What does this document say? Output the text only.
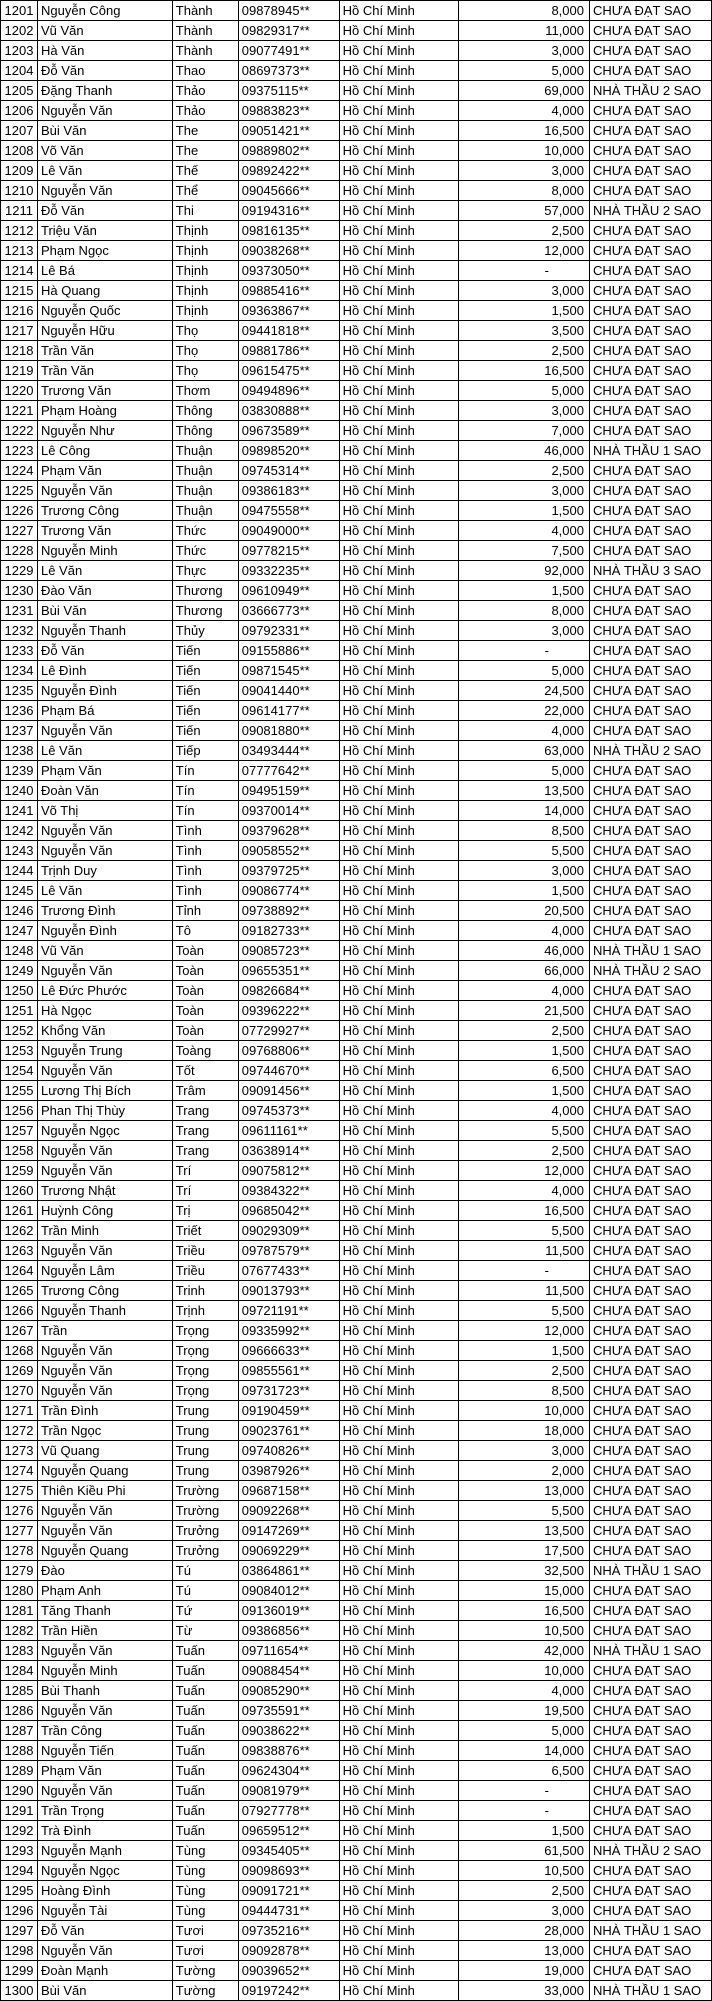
1201	Nguyễn Công	Thành	09878945**	Hồ Chí Minh	8,000	CHƯA ĐẠT SAO
1202	Vũ Văn	Thành	09829317**	Hồ Chí Minh	11,000	CHƯA ĐẠT SAO
1203	Hà Văn	Thành	09077491**	Hồ Chí Minh	3,000	CHƯA ĐẠT SAO
1204	Đỗ Văn	Thao	08697373**	Hồ Chí Minh	5,000	CHƯA ĐẠT SAO
1205	Đặng Thanh	Thảo	09375115**	Hồ Chí Minh	69,000	NHÀ THẦU 2 SAO
1206	Nguyễn Văn	Thảo	09883823**	Hồ Chí Minh	4,000	CHƯA ĐẠT SAO
1207	Bùi Văn	The	09051421**	Hồ Chí Minh	16,500	CHƯA ĐẠT SAO
1208	Võ Văn	The	09889802**	Hồ Chí Minh	10,000	CHƯA ĐẠT SAO
1209	Lê Văn	Thế	09892422**	Hồ Chí Minh	3,000	CHƯA ĐẠT SAO
1210	Nguyễn Văn	Thể	09045666**	Hồ Chí Minh	8,000	CHƯA ĐẠT SAO
1211	Đỗ Văn	Thi	09194316**	Hồ Chí Minh	57,000	NHÀ THẦU 2 SAO
1212	Triệu Văn	Thịnh	09816135**	Hồ Chí Minh	2,500	CHƯA ĐẠT SAO
1213	Phạm Ngọc	Thịnh	09038268**	Hồ Chí Minh	12,000	CHƯA ĐẠT SAO
1214	Lê Bá	Thịnh	09373050**	Hồ Chí Minh	-	CHƯA ĐẠT SAO
1215	Hà Quang	Thịnh	09885416**	Hồ Chí Minh	3,000	CHƯA ĐẠT SAO
1216	Nguyễn Quốc	Thịnh	09363867**	Hồ Chí Minh	1,500	CHƯA ĐẠT SAO
1217	Nguyễn Hữu	Thọ	09441818**	Hồ Chí Minh	3,500	CHƯA ĐẠT SAO
1218	Trần Văn	Thọ	09881786**	Hồ Chí Minh	2,500	CHƯA ĐẠT SAO
1219	Trần Văn	Thọ	09615475**	Hồ Chí Minh	16,500	CHƯA ĐẠT SAO
1220	Trương Văn	Thơm	09494896**	Hồ Chí Minh	5,000	CHƯA ĐẠT SAO
1221	Phạm Hoàng	Thông	03830888**	Hồ Chí Minh	3,000	CHƯA ĐẠT SAO
1222	Nguyễn Như	Thông	09673589**	Hồ Chí Minh	7,000	CHƯA ĐẠT SAO
1223	Lê Công	Thuận	09898520**	Hồ Chí Minh	46,000	NHÀ THẦU 1 SAO
1224	Phạm Văn	Thuận	09745314**	Hồ Chí Minh	2,500	CHƯA ĐẠT SAO
1225	Nguyễn Văn	Thuận	09386183**	Hồ Chí Minh	3,000	CHƯA ĐẠT SAO
1226	Trương Công	Thuận	09475558**	Hồ Chí Minh	1,500	CHƯA ĐẠT SAO
1227	Trương Văn	Thức	09049000**	Hồ Chí Minh	4,000	CHƯA ĐẠT SAO
1228	Nguyễn Minh	Thức	09778215**	Hồ Chí Minh	7,500	CHƯA ĐẠT SAO
1229	Lê Văn	Thực	09332235**	Hồ Chí Minh	92,000	NHÀ THẦU 3 SAO
1230	Đào Văn	Thương	09610949**	Hồ Chí Minh	1,500	CHƯA ĐẠT SAO
1231	Bùi Văn	Thương	03666773**	Hồ Chí Minh	8,000	CHƯA ĐẠT SAO
1232	Nguyễn Thanh	Thủy	09792331**	Hồ Chí Minh	3,000	CHƯA ĐẠT SAO
1233	Đỗ Văn	Tiến	09155886**	Hồ Chí Minh	-	CHƯA ĐẠT SAO
1234	Lê Đình	Tiến	09871545**	Hồ Chí Minh	5,000	CHƯA ĐẠT SAO
1235	Nguyễn Đình	Tiến	09041440**	Hồ Chí Minh	24,500	CHƯA ĐẠT SAO
1236	Phạm Bá	Tiến	09614177**	Hồ Chí Minh	22,000	CHƯA ĐẠT SAO
1237	Nguyễn Văn	Tiến	09081880**	Hồ Chí Minh	4,000	CHƯA ĐẠT SAO
1238	Lê Văn	Tiếp	03493444**	Hồ Chí Minh	63,000	NHÀ THẦU 2 SAO
1239	Phạm Văn	Tín	07777642**	Hồ Chí Minh	5,000	CHƯA ĐẠT SAO
1240	Đoàn Văn	Tín	09495159**	Hồ Chí Minh	13,500	CHƯA ĐẠT SAO
1241	Võ Thị	Tín	09370014**	Hồ Chí Minh	14,000	CHƯA ĐẠT SAO
1242	Nguyễn Văn	Tình	09379628**	Hồ Chí Minh	8,500	CHƯA ĐẠT SAO
1243	Nguyễn Văn	Tình	09058552**	Hồ Chí Minh	5,500	CHƯA ĐẠT SAO
1244	Trịnh Duy	Tình	09379725**	Hồ Chí Minh	3,000	CHƯA ĐẠT SAO
1245	Lê Văn	Tình	09086774**	Hồ Chí Minh	1,500	CHƯA ĐẠT SAO
1246	Trương Đình	Tỉnh	09738892**	Hồ Chí Minh	20,500	CHƯA ĐẠT SAO
1247	Nguyễn Đình	Tô	09182733**	Hồ Chí Minh	4,000	CHƯA ĐẠT SAO
1248	Vũ Văn	Toàn	09085723**	Hồ Chí Minh	46,000	NHÀ THẦU 1 SAO
1249	Nguyễn Văn	Toàn	09655351**	Hồ Chí Minh	66,000	NHÀ THẦU 2 SAO
1250	Lê Đức Phước	Toàn	09826684**	Hồ Chí Minh	4,000	CHƯA ĐẠT SAO
1251	Hà Ngọc	Toàn	09396222**	Hồ Chí Minh	21,500	CHƯA ĐẠT SAO
1252	Khổng Văn	Toàn	07729927**	Hồ Chí Minh	2,500	CHƯA ĐẠT SAO
1253	Nguyễn Trung	Toàng	09768806**	Hồ Chí Minh	1,500	CHƯA ĐẠT SAO
1254	Nguyễn Văn	Tốt	09744670**	Hồ Chí Minh	6,500	CHƯA ĐẠT SAO
1255	Lương Thị Bích	Trâm	09091456**	Hồ Chí Minh	1,500	CHƯA ĐẠT SAO
1256	Phan Thị Thùy	Trang	09745373**	Hồ Chí Minh	4,000	CHƯA ĐẠT SAO
1257	Nguyễn Ngọc	Trang	09611161**	Hồ Chí Minh	5,500	CHƯA ĐẠT SAO
1258	Nguyễn Văn	Trang	03638914**	Hồ Chí Minh	2,500	CHƯA ĐẠT SAO
1259	Nguyễn Văn	Trí	09075812**	Hồ Chí Minh	12,000	CHƯA ĐẠT SAO
1260	Trương Nhật	Trí	09384322**	Hồ Chí Minh	4,000	CHƯA ĐẠT SAO
1261	Huỳnh Công	Trị	09685042**	Hồ Chí Minh	16,500	CHƯA ĐẠT SAO
1262	Trần Minh	Triết	09029309**	Hồ Chí Minh	5,500	CHƯA ĐẠT SAO
1263	Nguyễn Văn	Triều	09787579**	Hồ Chí Minh	11,500	CHƯA ĐẠT SAO
1264	Nguyễn Lâm	Triều	07677433**	Hồ Chí Minh	-	CHƯA ĐẠT SAO
1265	Trương Công	Trinh	09013793**	Hồ Chí Minh	11,500	CHƯA ĐẠT SAO
1266	Nguyễn Thanh	Trịnh	09721191**	Hồ Chí Minh	5,500	CHƯA ĐẠT SAO
1267	Trần	Trọng	09335992**	Hồ Chí Minh	12,000	CHƯA ĐẠT SAO
1268	Nguyễn Văn	Trọng	09666633**	Hồ Chí Minh	1,500	CHƯA ĐẠT SAO
1269	Nguyễn Văn	Trọng	09855561**	Hồ Chí Minh	2,500	CHƯA ĐẠT SAO
1270	Nguyễn Văn	Trọng	09731723**	Hồ Chí Minh	8,500	CHƯA ĐẠT SAO
1271	Trần Đình	Trung	09190459**	Hồ Chí Minh	10,000	CHƯA ĐẠT SAO
1272	Trần Ngọc	Trung	09023761**	Hồ Chí Minh	18,000	CHƯA ĐẠT SAO
1273	Vũ Quang	Trung	09740826**	Hồ Chí Minh	3,000	CHƯA ĐẠT SAO
1274	Nguyễn Quang	Trung	03987926**	Hồ Chí Minh	2,000	CHƯA ĐẠT SAO
1275	Thiên Kiều Phi	Trường	09687158**	Hồ Chí Minh	13,000	CHƯA ĐẠT SAO
1276	Nguyễn Văn	Trường	09092268**	Hồ Chí Minh	5,500	CHƯA ĐẠT SAO
1277	Nguyễn Văn	Trưởng	09147269**	Hồ Chí Minh	13,500	CHƯA ĐẠT SAO
1278	Nguyễn Quang	Trưởng	09069229**	Hồ Chí Minh	17,500	CHƯA ĐẠT SAO
1279	Đào	Tú	03864861**	Hồ Chí Minh	32,500	NHÀ THẦU 1 SAO
1280	Phạm Anh	Tú	09084012**	Hồ Chí Minh	15,000	CHƯA ĐẠT SAO
1281	Tăng Thanh	Tứ	09136019**	Hồ Chí Minh	16,500	CHƯA ĐẠT SAO
1282	Trần Hiền	Từ	09386856**	Hồ Chí Minh	10,500	CHƯA ĐẠT SAO
1283	Nguyễn Văn	Tuấn	09711654**	Hồ Chí Minh	42,000	NHÀ THẦU 1 SAO
1284	Nguyễn Minh	Tuấn	09088454**	Hồ Chí Minh	10,000	CHƯA ĐẠT SAO
1285	Bùi Thanh	Tuấn	09085290**	Hồ Chí Minh	4,000	CHƯA ĐẠT SAO
1286	Nguyễn Văn	Tuấn	09735591**	Hồ Chí Minh	19,500	CHƯA ĐẠT SAO
1287	Trần Công	Tuấn	09038622**	Hồ Chí Minh	5,000	CHƯA ĐẠT SAO
1288	Nguyễn Tiến	Tuấn	09838876**	Hồ Chí Minh	14,000	CHƯA ĐẠT SAO
1289	Phạm Văn	Tuấn	09624304**	Hồ Chí Minh	6,500	CHƯA ĐẠT SAO
1290	Nguyễn Văn	Tuấn	09081979**	Hồ Chí Minh	-	CHƯA ĐẠT SAO
1291	Trần Trọng	Tuấn	07927778**	Hồ Chí Minh	-	CHƯA ĐẠT SAO
1292	Trà Đình	Tuấn	09659512**	Hồ Chí Minh	1,500	CHƯA ĐẠT SAO
1293	Nguyễn Mạnh	Tùng	09345405**	Hồ Chí Minh	61,500	NHÀ THẦU 2 SAO
1294	Nguyễn Ngọc	Tùng	09098693**	Hồ Chí Minh	10,500	CHƯA ĐẠT SAO
1295	Hoàng Đình	Tùng	09091721**	Hồ Chí Minh	2,500	CHƯA ĐẠT SAO
1296	Nguyễn Tài	Tùng	09444731**	Hồ Chí Minh	3,000	CHƯA ĐẠT SAO
1297	Đỗ Văn	Tươi	09735216**	Hồ Chí Minh	28,000	NHÀ THẦU 1 SAO
1298	Nguyễn Văn	Tươi	09092878**	Hồ Chí Minh	13,000	CHƯA ĐẠT SAO
1299	Đoàn Mạnh	Tường	09039652**	Hồ Chí Minh	19,000	CHƯA ĐẠT SAO
1300	Bùi Văn	Tường	09197242**	Hồ Chí Minh	33,000	NHÀ THẦU 1 SAO
